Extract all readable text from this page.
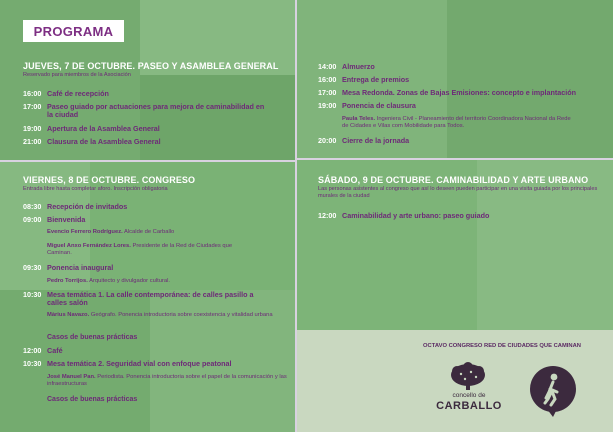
PROGRAMA
JUEVES, 7 DE OCTUBRE. PASEO Y ASAMBLEA GENERAL
Reservado para miembros de la Asociación
16:00 Café de recepción
17:00 Paseo guiado por actuaciones para mejora de caminabilidad en la ciudad
19:00 Apertura de la Asamblea General
21:00 Clausura de la Asamblea General
VIERNES, 8 DE OCTUBRE. CONGRESO
Entrada libre hasta completar aforo. Inscripción obligatoria
08:30 Recepción de invitados
09:00 Bienvenida
Evencio Ferrero Rodríguez. Alcalde de Carballo
Miguel Anxo Fernández Lores. Presidente de la Red de Ciudades que Caminan.
09:30 Ponencia inaugural
Pedro Torrijos. Arquitecto y divulgador cultural.
10:30 Mesa temática 1. La calle contemporánea: de calles pasillo a calles salón
Màrius Navazo. Geógrafo. Ponencia introductoria sobre coexistencia y vitalidad urbana
Casos de buenas prácticas
12:00 Café
10:30 Mesa temática 2. Seguridad vial con enfoque peatonal
José Manuel Pan. Periodista. Ponencia introductoria sobre el papel de la comunicación y las infraestructuras
Casos de buenas prácticas
14:00 Almuerzo
16:00 Entrega de premios
17:00 Mesa Redonda. Zonas de Bajas Emisiones: concepto e implantación
19:00 Ponencia de clausura
Paula Teles. Ingeniera Civil - Planeamiento del territorio Coordinadora Nacional da Rede de Cidades e Vilas com Mobilidade para Todos.
20:00 Cierre de la jornada
SÁBADO, 9 DE OCTUBRE. CAMINABILIDAD Y ARTE URBANO
Las personas asistentes al congreso que así lo deseen pueden participar en una visita guiada por los principales murales de la ciudad
12:00 Caminabilidad y arte urbano: paseo guiado
OCTAVO CONGRESO RED DE CIUDADES QUE CAMINAN
concello de
CARBALLO
